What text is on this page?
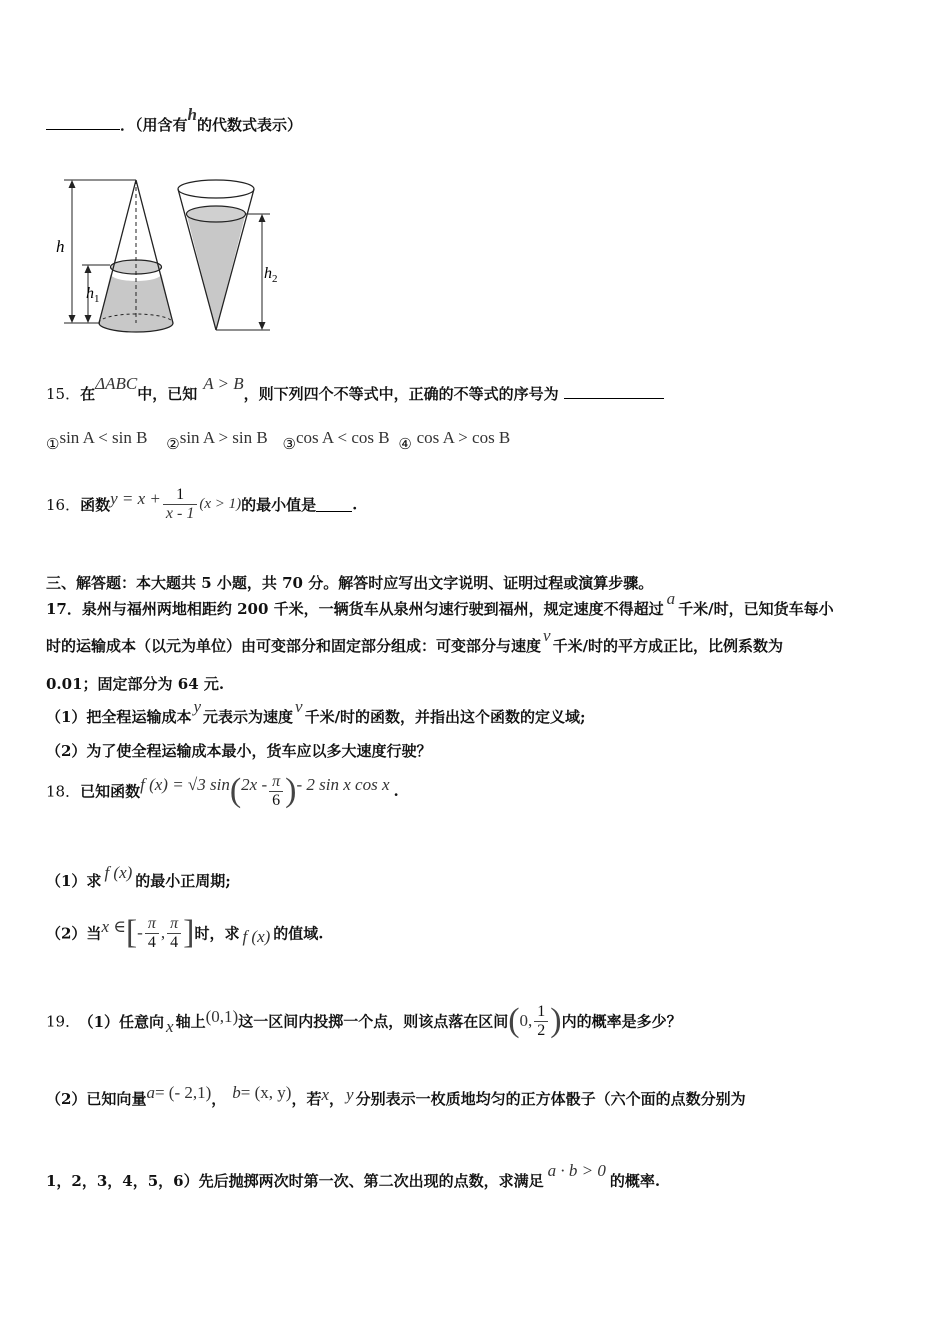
．（用含有h的代数式表示）
h
$h_1$
$h_2$
15．在ΔABC中，已知A > B，则下列四个不等式中，正确的不等式的序号为
①sin A < sin B ②sin A > sin B ③cos A < cos B ④ cos A > cos B
16．函数$y = x + \frac{1}{x - 1} (x > 1)$的最小值是 .
三、解答题：本大题共 5 小题，共 70 分。解答时应写出文字说明、证明过程或演算步骤。
17．泉州与福州两地相距约 200 千米，一辆货车从泉州匀速行驶到福州，规定速度不得超过a千米/时，已知货车每小
时的运输成本（以元为单位）由可变部分和固定部分组成：可变部分与速度v千米/时的平方成正比，比例系数为
0.01；固定部分为 64 元.
（1）把全程运输成本y元表示为速度v千米/时的函数，并指出这个函数的定义域;
（2）为了使全程运输成本最小，货车应以多大速度行驶？
18．已知函数f (x) = √3 $\sin(2x - \frac{\pi}{6}$ )- 2 sin x cos x .
（1）求 f (x) 的最小正周期;
（2）当x ∈[- $\frac{\pi}{4}$ , $\frac{\pi}{4}$ ]时，求 f (x) 的值域.
19． （1）任意向 x 轴上(0,1)这一区间内投掷一个点，则该点落在区间(0, $\frac{1}{2}$ )内的概率是多少？
（2）已知向量a= (- 2,1)， b= (x, y)，若x， y 分别表示一枚质地均匀的正方体骰子（六个面的点数分别为
1，2，3，4，5，6）先后抛掷两次时第一次、第二次出现的点数，求满足a · b > 0的概率.
